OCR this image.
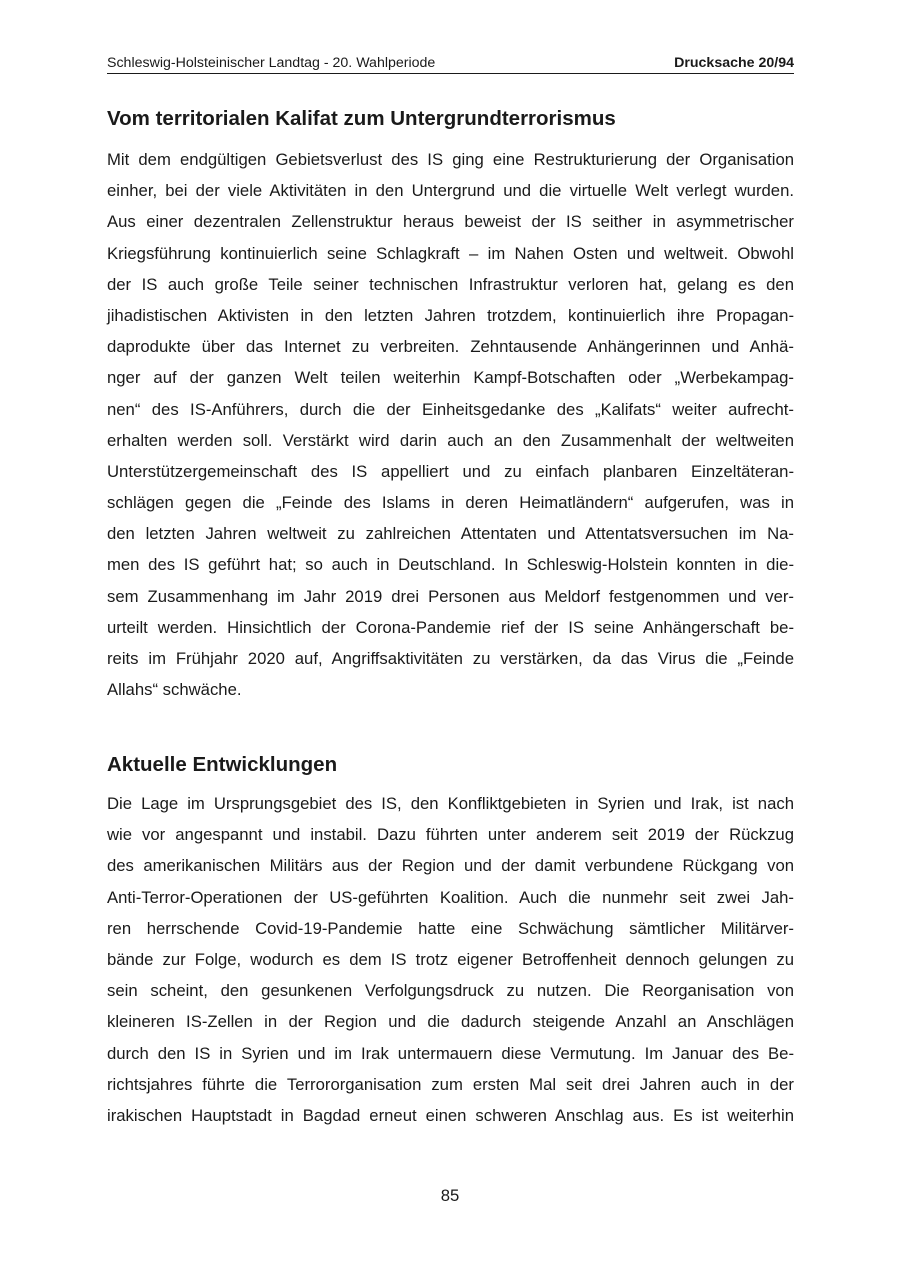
Schleswig-Holsteinischer Landtag - 20. Wahlperiode	Drucksache 20/94
Vom territorialen Kalifat zum Untergrundterrorismus
Mit dem endgültigen Gebietsverlust des IS ging eine Restrukturierung der Organisation
einher, bei der viele Aktivitäten in den Untergrund und die virtuelle Welt verlegt wurden.
Aus einer dezentralen Zellenstruktur heraus beweist der IS seither in asymmetrischer
Kriegsführung kontinuierlich seine Schlagkraft – im Nahen Osten und weltweit. Obwohl
der IS auch große Teile seiner technischen Infrastruktur verloren hat, gelang es den
jihadistischen Aktivisten in den letzten Jahren trotzdem, kontinuierlich ihre Propagan-
daprodukte über das Internet zu verbreiten. Zehntausende Anhängerinnen und Anhä-
nger auf der ganzen Welt teilen weiterhin Kampf-Botschaften oder „Werbekampag-
nen“ des IS-Anführers, durch die der Einheitsgedanke des „Kalifats“ weiter aufrecht-
erhalten werden soll. Verstärkt wird darin auch an den Zusammenhalt der weltweiten
Unterstützergemeinschaft des IS appelliert und zu einfach planbaren Einzeltäteran-
schlägen gegen die „Feinde des Islams in deren Heimatländern“ aufgerufen, was in
den letzten Jahren weltweit zu zahlreichen Attentaten und Attentatsversuchen im Na-
men des IS geführt hat; so auch in Deutschland. In Schleswig-Holstein konnten in die-
sem Zusammenhang im Jahr 2019 drei Personen aus Meldorf festgenommen und ver-
urteilt werden. Hinsichtlich der Corona-Pandemie rief der IS seine Anhängerschaft be-
reits im Frühjahr 2020 auf, Angriffsaktivitäten zu verstärken, da das Virus die „Feinde
Allahs“ schwäche.
Aktuelle Entwicklungen
Die Lage im Ursprungsgebiet des IS, den Konfliktgebieten in Syrien und Irak, ist nach
wie vor angespannt und instabil. Dazu führten unter anderem seit 2019 der Rückzug
des amerikanischen Militärs aus der Region und der damit verbundene Rückgang von
Anti-Terror-Operationen der US-geführten Koalition. Auch die nunmehr seit zwei Jah-
ren herrschende Covid-19-Pandemie hatte eine Schwächung sämtlicher Militärver-
bände zur Folge, wodurch es dem IS trotz eigener Betroffenheit dennoch gelungen zu
sein scheint, den gesunkenen Verfolgungsdruck zu nutzen. Die Reorganisation von
kleineren IS-Zellen in der Region und die dadurch steigende Anzahl an Anschlägen
durch den IS in Syrien und im Irak untermauern diese Vermutung. Im Januar des Be-
richtsjahres führte die Terrororganisation zum ersten Mal seit drei Jahren auch in der
irakischen Hauptstadt in Bagdad erneut einen schweren Anschlag aus. Es ist weiterhin
85
